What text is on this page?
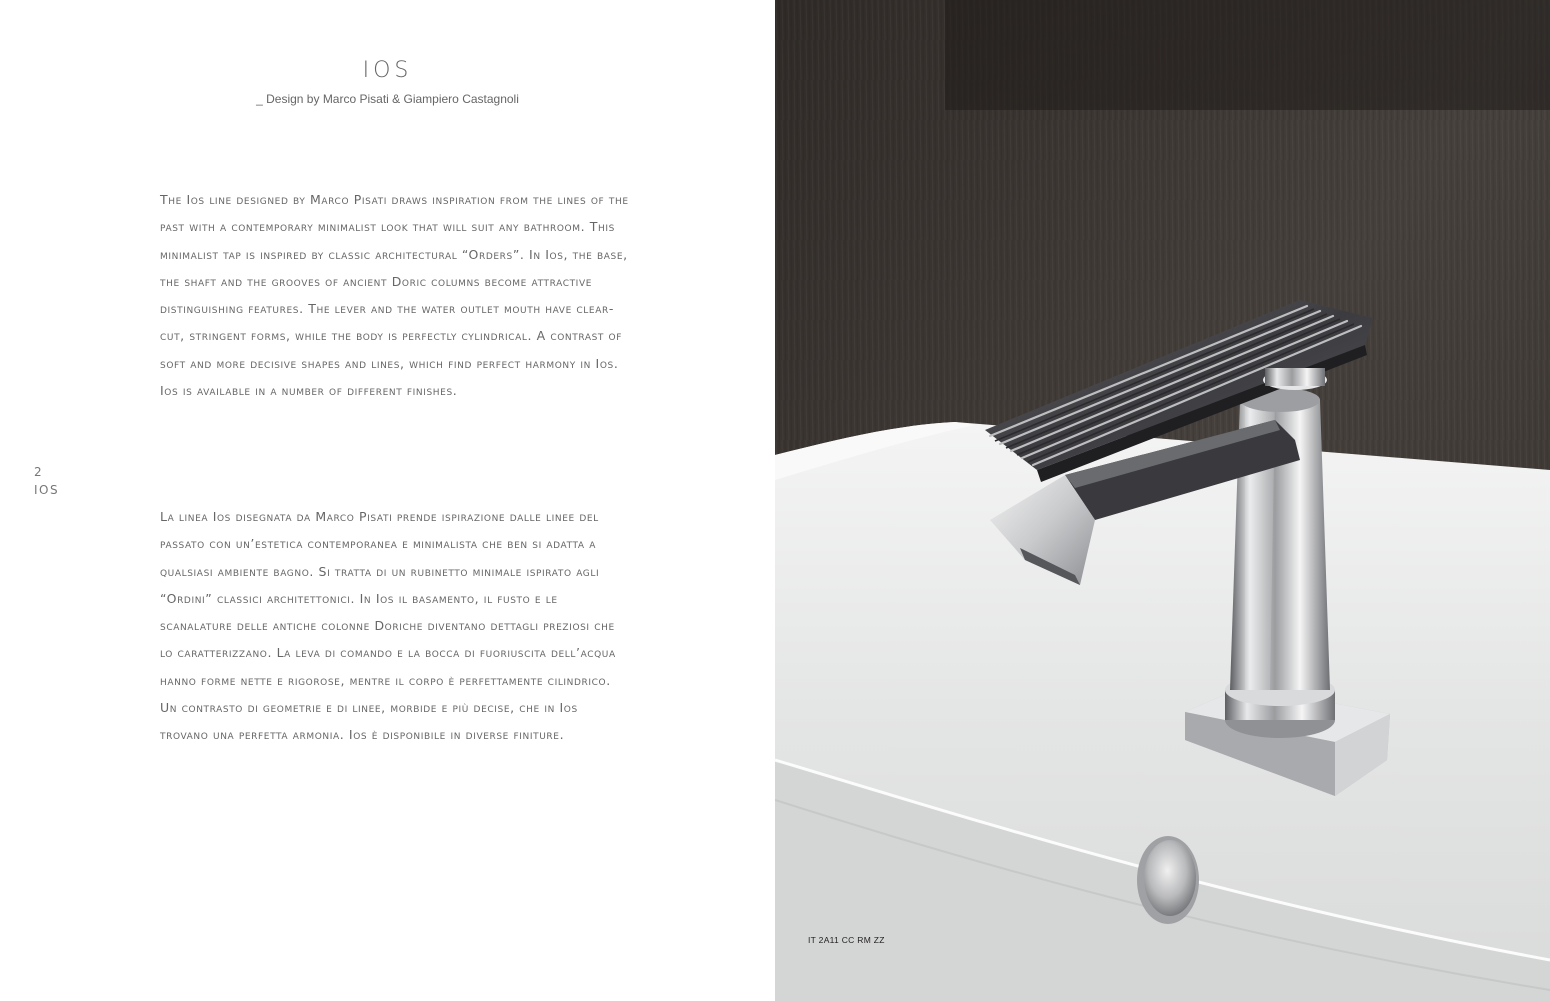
IOS

_ Design by Marco Pisati & Giampiero Castagnoli

The Ios line designed by Marco Pisati draws inspiration from the lines of the past with a contemporary minimalist look that will suit any bathroom. This minimalist tap is inspired by classic architectural “Orders”. In Ios, the base, the shaft and the grooves of ancient Doric columns become attractive distinguishing features. The lever and the water outlet mouth have clear-cut, stringent forms, while the body is perfectly cylindrical. A contrast of soft and more decisive shapes and lines, which find perfect harmony in Ios. Ios is available in a number of different finishes.

2
IOS

La linea Ios disegnata da Marco Pisati prende ispirazione dalle linee del passato con un’estetica contemporanea e minimalista che ben si adatta a qualsiasi ambiente bagno. Si tratta di un rubinetto minimale ispirato agli “Ordini” classici architettonici. In Ios il basamento, il fusto e le scanalature delle antiche colonne Doriche diventano dettagli preziosi che lo caratterizzano. La leva di comando e la bocca di fuoriuscita dell’acqua hanno forme nette e rigorose, mentre il corpo è perfettamente cilindrico. Un contrasto di geometrie e di linee, morbide e più decise, che in Ios trovano una perfetta armonia. Ios è disponibile in diverse finiture.

IT 2A11 CC RM ZZ
